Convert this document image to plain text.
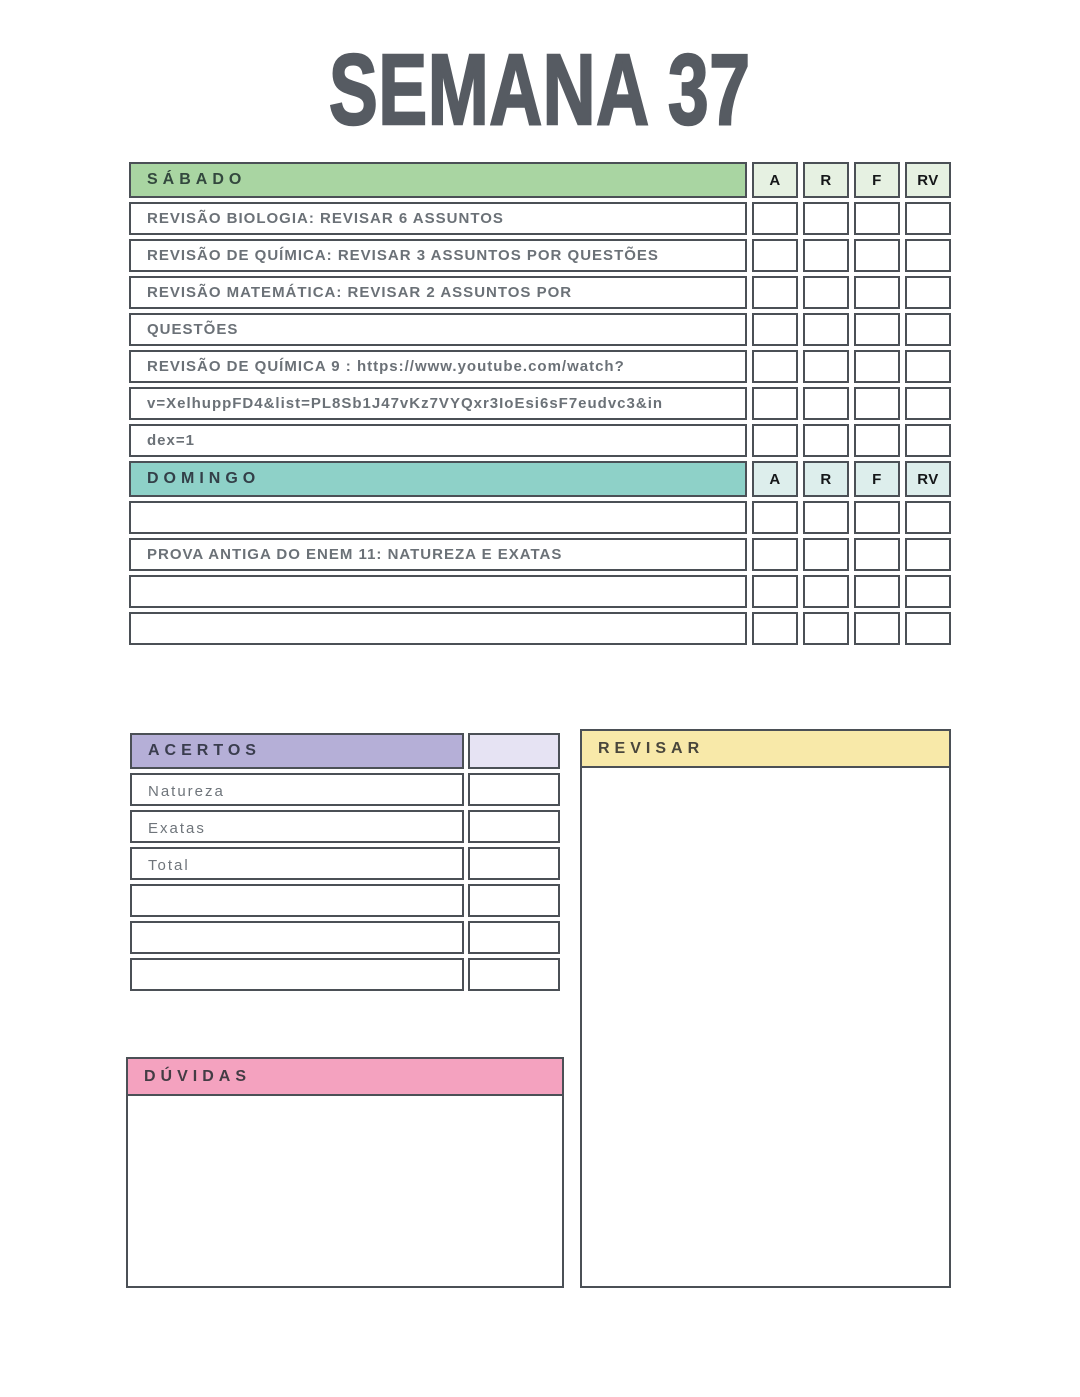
SEMANA 37
SÁBADO	A	R	F	RV
REVISÃO BIOLOGIA: REVISAR 6 ASSUNTOS				
REVISÃO DE QUÍMICA: REVISAR 3 ASSUNTOS POR QUESTÕES				
REVISÃO MATEMÁTICA: REVISAR 2 ASSUNTOS POR				
QUESTÕES				
REVISÃO DE QUÍMICA 9 : https://www.youtube.com/watch?				
v=XelhuppFD4&list=PL8Sb1J47vKz7VYQxr3IoEsi6sF7eudvc3&in				
dex=1				
DOMINGO	A	R	F	RV

PROVA ANTIGA DO ENEM 11: NATUREZA E EXATAS				

ACERTOS	
Natureza	
Exatas	
Total	

REVISAR
DÚVIDAS
